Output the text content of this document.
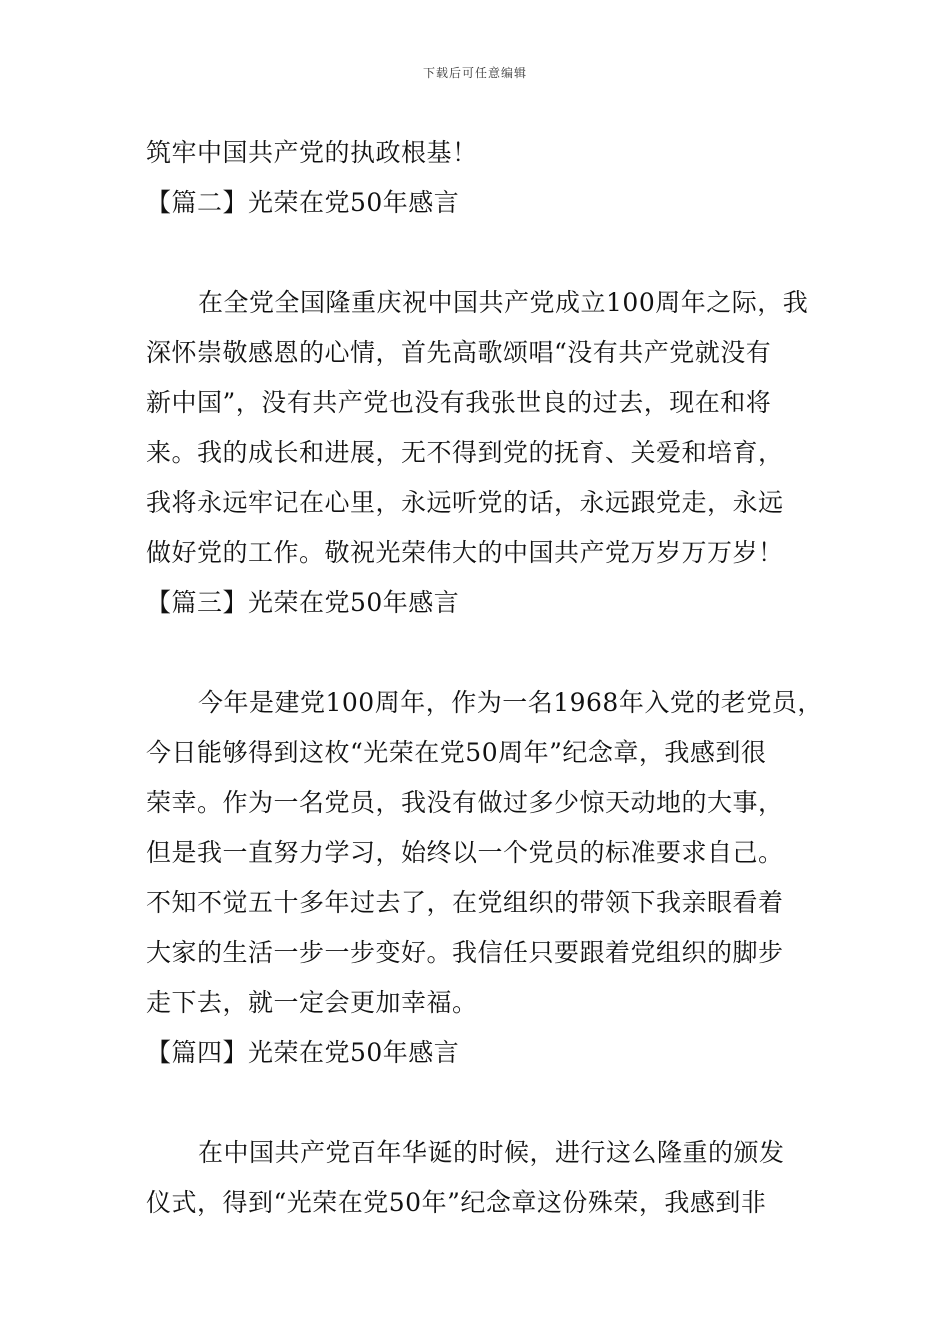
下载后可任意编辑
筑牢中国共产党的执政根基！
【篇二】光荣在党50年感言
在全党全国隆重庆祝中国共产党成立100周年之际，我
深怀崇敬感恩的心情，首先高歌颂唱“没有共产党就没有
新中国”，没有共产党也没有我张世良的过去，现在和将
来。我的成长和进展，无不得到党的抚育、关爱和培育，
我将永远牢记在心里，永远听党的话，永远跟党走，永远
做好党的工作。敬祝光荣伟大的中国共产党万岁万万岁！
【篇三】光荣在党50年感言
今年是建党100周年，作为一名1968年入党的老党员，
今日能够得到这枚“光荣在党50周年”纪念章，我感到很
荣幸。作为一名党员，我没有做过多少惊天动地的大事，
但是我一直努力学习，始终以一个党员的标准要求自己。
不知不觉五十多年过去了，在党组织的带领下我亲眼看着
大家的生活一步一步变好。我信任只要跟着党组织的脚步
走下去，就一定会更加幸福。
【篇四】光荣在党50年感言
在中国共产党百年华诞的时候，进行这么隆重的颁发
仪式，得到“光荣在党50年”纪念章这份殊荣，我感到非
